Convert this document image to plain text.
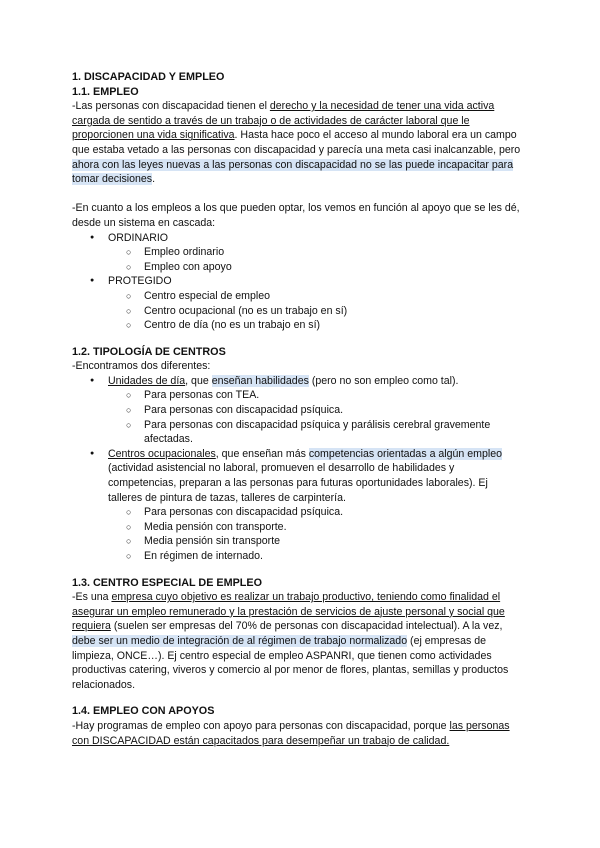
1. DISCAPACIDAD Y EMPLEO
1.1. EMPLEO

-Las personas con discapacidad tienen el derecho y la necesidad de tener una vida activa cargada de sentido a través de un trabajo o de actividades de carácter laboral que le proporcionen una vida significativa. Hasta hace poco el acceso al mundo laboral era un campo que estaba vetado a las personas con discapacidad y parecía una meta casi inalcanzable, pero ahora con las leyes nuevas a las personas con discapacidad no se las puede incapacitar para tomar decisiones.

-En cuanto a los empleos a los que pueden optar, los vemos en función al apoyo que se les dé, desde un sistema en cascada:

● ORDINARIO
○ Empleo ordinario
○ Empleo con apoyo
● PROTEGIDO
○ Centro especial de empleo
○ Centro ocupacional (no es un trabajo en sí)
○ Centro de día (no es un trabajo en sí)
1.2. TIPOLOGÍA DE CENTROS

-Encontramos dos diferentes:

● Unidades de día, que enseñan habilidades (pero no son empleo como tal).
○ Para personas con TEA.
○ Para personas con discapacidad psíquica.
○ Para personas con discapacidad psíquica y parálisis cerebral gravemente afectadas.
● Centros ocupacionales, que enseñan más competencias orientadas a algún empleo (actividad asistencial no laboral, promueven el desarrollo de habilidades y competencias, preparan a las personas para futuras oportunidades laborales). Ej talleres de pintura de tazas, talleres de carpintería.
○ Para personas con discapacidad psíquica.
○ Media pensión con transporte.
○ Media pensión sin transporte
○ En régimen de internado.
1.3. CENTRO ESPECIAL DE EMPLEO

-Es una empresa cuyo objetivo es realizar un trabajo productivo, teniendo como finalidad el asegurar un empleo remunerado y la prestación de servicios de ajuste personal y social que requiera (suelen ser empresas del 70% de personas con discapacidad intelectual). A la vez, debe ser un medio de integración de al régimen de trabajo normalizado (ej empresas de limpieza, ONCE…). Ej centro especial de empleo ASPANRI, que tienen como actividades productivas catering, viveros y comercio al por menor de flores, plantas, semillas y productos relacionados.

1.4. EMPLEO CON APOYOS

-Hay programas de empleo con apoyo para personas con discapacidad, porque las personas con DISCAPACIDAD están capacitados para desempeñar un trabajo de calidad.
